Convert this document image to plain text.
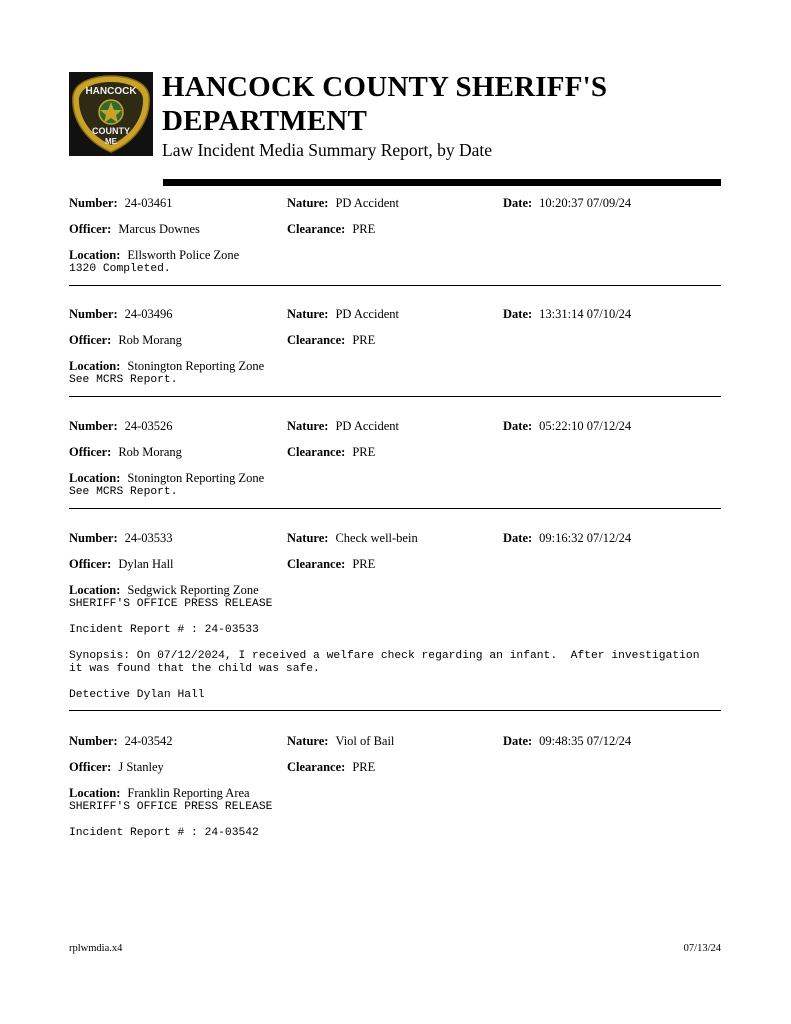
HANCOCK
COUNTY
ME
HANCOCK COUNTY SHERIFF'S
DEPARTMENT
Law Incident Media Summary Report, by Date
Number: 24-03461	Nature: PD Accident	Date: 10:20:37 07/09/24
Officer: Marcus Downes	Clearance: PRE
Location: Ellsworth Police Zone
1320 Completed.
Number: 24-03496	Nature: PD Accident	Date: 13:31:14 07/10/24
Officer: Rob Morang	Clearance: PRE
Location: Stonington Reporting Zone
See MCRS Report.
Number: 24-03526	Nature: PD Accident	Date: 05:22:10 07/12/24
Officer: Rob Morang	Clearance: PRE
Location: Stonington Reporting Zone
See MCRS Report.
Number: 24-03533	Nature: Check well-bein	Date: 09:16:32 07/12/24
Officer: Dylan Hall	Clearance: PRE
Location: Sedgwick Reporting Zone
SHERIFF'S OFFICE PRESS RELEASE
Incident Report # : 24-03533
Synopsis: On 07/12/2024, I received a welfare check regarding an infant.  After investigation
it was found that the child was safe.
Detective Dylan Hall
Number: 24-03542	Nature: Viol of Bail	Date: 09:48:35 07/12/24
Officer: J Stanley	Clearance: PRE
Location: Franklin Reporting Area
SHERIFF'S OFFICE PRESS RELEASE
Incident Report # : 24-03542
rplwmdia.x4	07/13/24
